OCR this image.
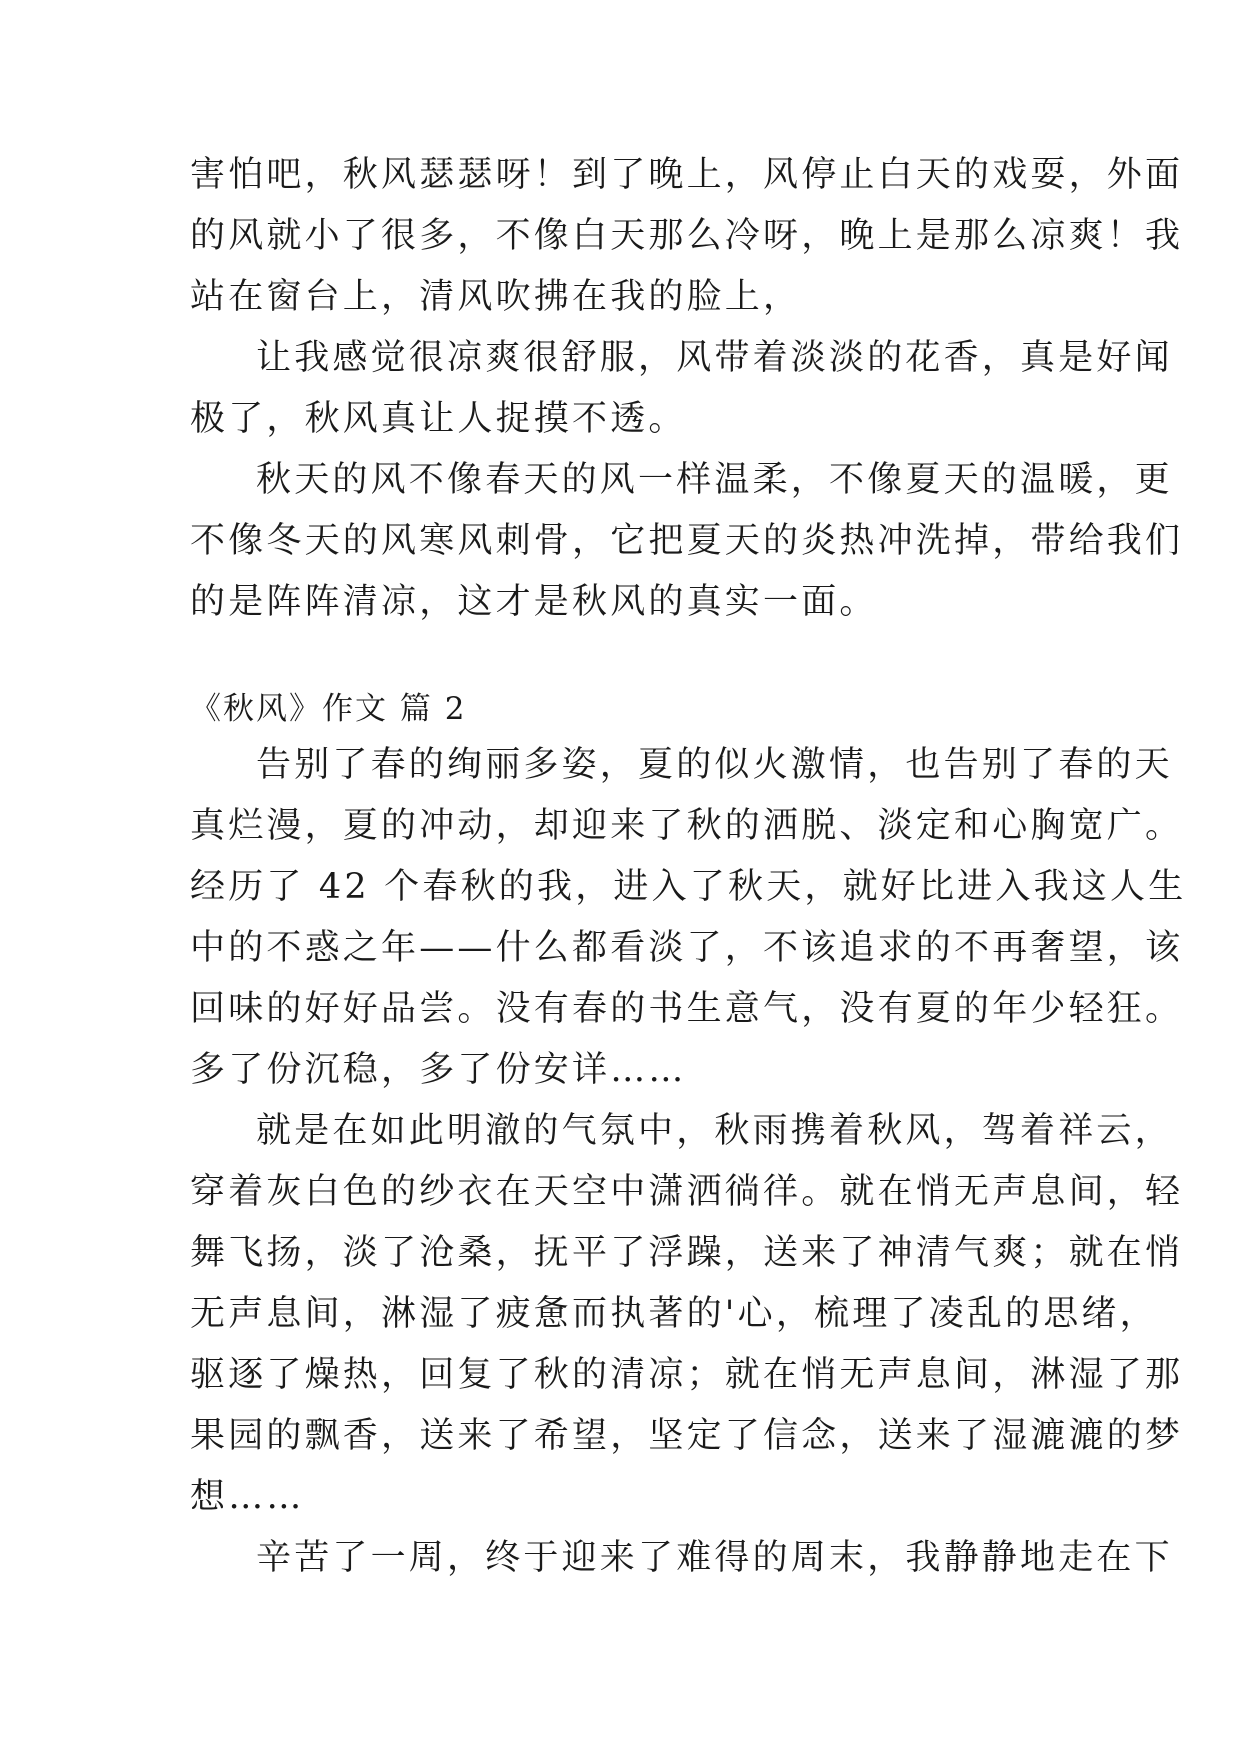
害怕吧，秋风瑟瑟呀！到了晚上，风停止白天的戏耍，外面
的风就小了很多，不像白天那么冷呀，晚上是那么凉爽！我
站在窗台上，清风吹拂在我的脸上，
让我感觉很凉爽很舒服，风带着淡淡的花香，真是好闻
极了，秋风真让人捉摸不透。
秋天的风不像春天的风一样温柔，不像夏天的温暖，更
不像冬天的风寒风刺骨，它把夏天的炎热冲洗掉，带给我们
的是阵阵清凉，这才是秋风的真实一面。
《秋风》作文 篇 2
告别了春的绚丽多姿，夏的似火激情，也告别了春的天
真烂漫，夏的冲动，却迎来了秋的洒脱、淡定和心胸宽广。
经历了 42 个春秋的我，进入了秋天，就好比进入我这人生
中的不惑之年——什么都看淡了，不该追求的不再奢望，该
回味的好好品尝。没有春的书生意气，没有夏的年少轻狂。
多了份沉稳，多了份安详……
就是在如此明澈的气氛中，秋雨携着秋风，驾着祥云，
穿着灰白色的纱衣在天空中潇洒徜徉。就在悄无声息间，轻
舞飞扬，淡了沧桑，抚平了浮躁，送来了神清气爽；就在悄
无声息间，淋湿了疲惫而执著的'心，梳理了凌乱的思绪，
驱逐了燥热，回复了秋的清凉；就在悄无声息间，淋湿了那
果园的飘香，送来了希望，坚定了信念，送来了湿漉漉的梦
想……
辛苦了一周，终于迎来了难得的周末，我静静地走在下
